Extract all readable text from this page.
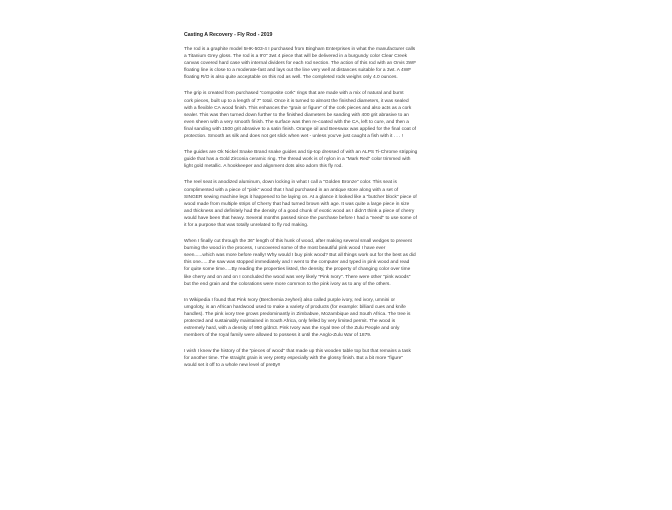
Casting A Recovery - Fly Rod - 2019
The rod is a graphite model 5HK-503-4 I purchased from Bingham Enterprises in what the manufacturer calls
a Titanium Grey gloss. The rod is a 9'0" 3wt 4 piece that will be delivered in a burgundy color Clear Creek
canvas covered hard case with internal dividers for each rod section. The action of this rod with an Orvis 3WF
floating line is close to a moderate-fast and lays out the line very well at distances suitable for a 3wt. A 4WF
floating R/O is also quite acceptable on this rod as well. The completed rods weighs only 4.0 ounces.
The grip is created from purchased "composite cork" rings that are made with a mix of natural and burnt
cork pieces, built up to a length of 7" total. Once it is turned to almost the finished diameters, it was sealed
with a flexible CA wood finish. This enhances the "grain or figure" of the cork pieces and also acts as a cork
sealer. This was then turned down further to the finished diameters be sanding with 400 grit abrasive to an
even sheen with a very smooth finish. The surface was then re-coated with the CA, left to cure, and then a
final sanding with 1500 grit abrasive to a satin finish. Orange oil and Beeswax was applied for the final coat of
protection. Smooth as silk and does not get slick when wet - unless you've just caught a fish with it . . . !
The guides are Ok Nickel Snake Brand snake guides and tip-top dressed of with an ALPS Ti-Chrome stripping
guide that has a Gold Zirconia ceramic ring. The thread work is of nylon in a "Mark Red" color trimmed with
light gold metallic. A hookkeeper and alignment dots also adorn this fly rod.
The reel seat is anodized aluminum, down locking in what I call a "Golden Bronze" color. This seat is
complimented with a piece of "pink" wood that I had purchased in an antique store along with a set of
SINGER sewing machine legs it happened to be laying on. At a glance it looked like a "butcher block" piece of
wood made from multiple strips of Cherry that had turned brown with age. It was quite a large piece in size
and thickness and definitely had the density of a good chunk of exotic wood as I didn't think a piece of cherry
would have been that heavy. Several months passed since the purchase before I had a "need" to use some of
it for a purpose that was totally unrelated to fly rod making.
When I finally cut through the 36" length of this hunk of wood, after making several small wedges to prevent
burning the wood in the process, I uncovered some of the most beautiful pink wood I have ever
seen......which was more before really! Why would I buy pink wood? But all things work out for the best as did
this one......the saw was stopped immediately and I went to the computer and typed in pink wood and read
for quite some time.....By reading the properties listed, the density, the property of changing color over time
like cherry and on and on I concluded the wood was very likely "Pink Ivory". There were other "pink woods"
but the end grain and the colorations were more common to the pink ivory as to any of the others.
In Wikipedia I found that Pink Ivory (Berchemia zeyheri) also called purple ivory, red ivory, umnini or
umgoloty, is an African hardwood used to make a variety of products (for example: billiard cues and knife
handles). The pink ivory tree grows predominantly in Zimbabwe, Mozambique and South Africa. The tree is
protected and sustainably maintained in South Africa, only felled by very limited permit. The wood is
extremely hard, with a density of 990 g/dm3. Pink Ivory was the royal tree of the Zulu People and only
members of the royal family were allowed to possess it until the Anglo-Zulu War of 1879.
I wish I knew the history of the "pieces of wood" that made up this wooden table top but that remains a task
for another time. The straight grain is very pretty especially with the glossy finish. But a bit more "figure"
would set it off to a whole new level of pretty!!
